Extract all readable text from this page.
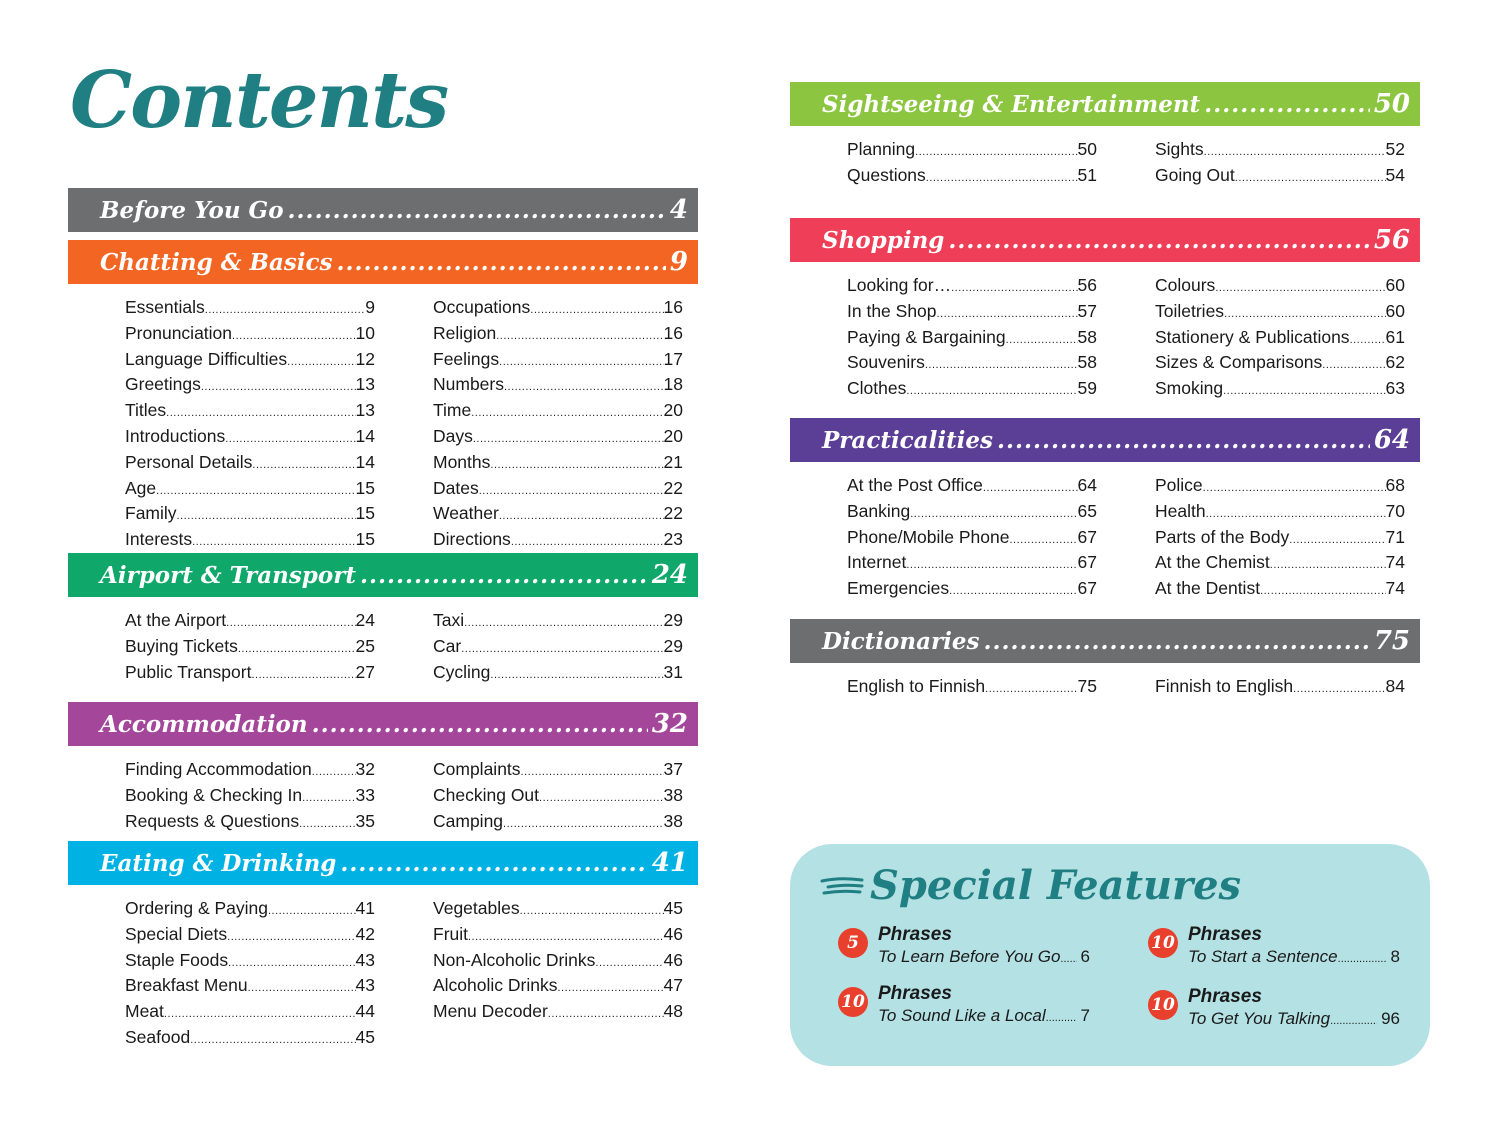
Contents
Before You Go .....	4
Chatting & Basics .....	9
Essentials .....	9
Pronunciation .....	10
Language Difficulties .....	12
Greetings .....	13
Titles .....	13
Introductions .....	14
Personal Details .....	14
Age .....	15
Family .....	15
Interests .....	15
Occupations .....	16
Religion .....	16
Feelings .....	17
Numbers .....	18
Time .....	20
Days .....	20
Months .....	21
Dates .....	22
Weather .....	22
Directions .....	23
Airport & Transport .....	24
At the Airport .....	24
Buying Tickets .....	25
Public Transport .....	27
Taxi .....	29
Car .....	29
Cycling .....	31
Accommodation .....	32
Finding Accommodation .....	32
Booking & Checking In .....	33
Requests & Questions .....	35
Complaints .....	37
Checking Out .....	38
Camping .....	38
Eating & Drinking .....	41
Ordering & Paying .....	41
Special Diets .....	42
Staple Foods .....	43
Breakfast Menu .....	43
Meat .....	44
Seafood .....	45
Vegetables .....	45
Fruit .....	46
Non-Alcoholic Drinks .....	46
Alcoholic Drinks .....	47
Menu Decoder .....	48
Sightseeing & Entertainment .....	50
Planning .....	50
Questions .....	51
Sights .....	52
Going Out .....	54
Shopping .....	56
Looking for… .....	56
In the Shop .....	57
Paying & Bargaining .....	58
Souvenirs .....	58
Clothes .....	59
Colours .....	60
Toiletries .....	60
Stationery & Publications ..... 61
Sizes & Comparisons .....	62
Smoking .....	63
Practicalities .....	64
At the Post Office .....	64
Banking .....	65
Phone/Mobile Phone .....	67
Internet .....	67
Emergencies .....	67
Police .....	68
Health .....	70
Parts of the Body .....	71
At the Chemist .....	74
At the Dentist .....	74
Dictionaries .....	75
English to Finnish .....	75	Finnish to English .....	84
Special Features
5	Phrases
To Learn Before You Go ..... 6
10 Phrases
To Start a Sentence .....	8
10 Phrases
To Sound Like a Local ..... 7
10 Phrases
To Get You Talking .....	96
